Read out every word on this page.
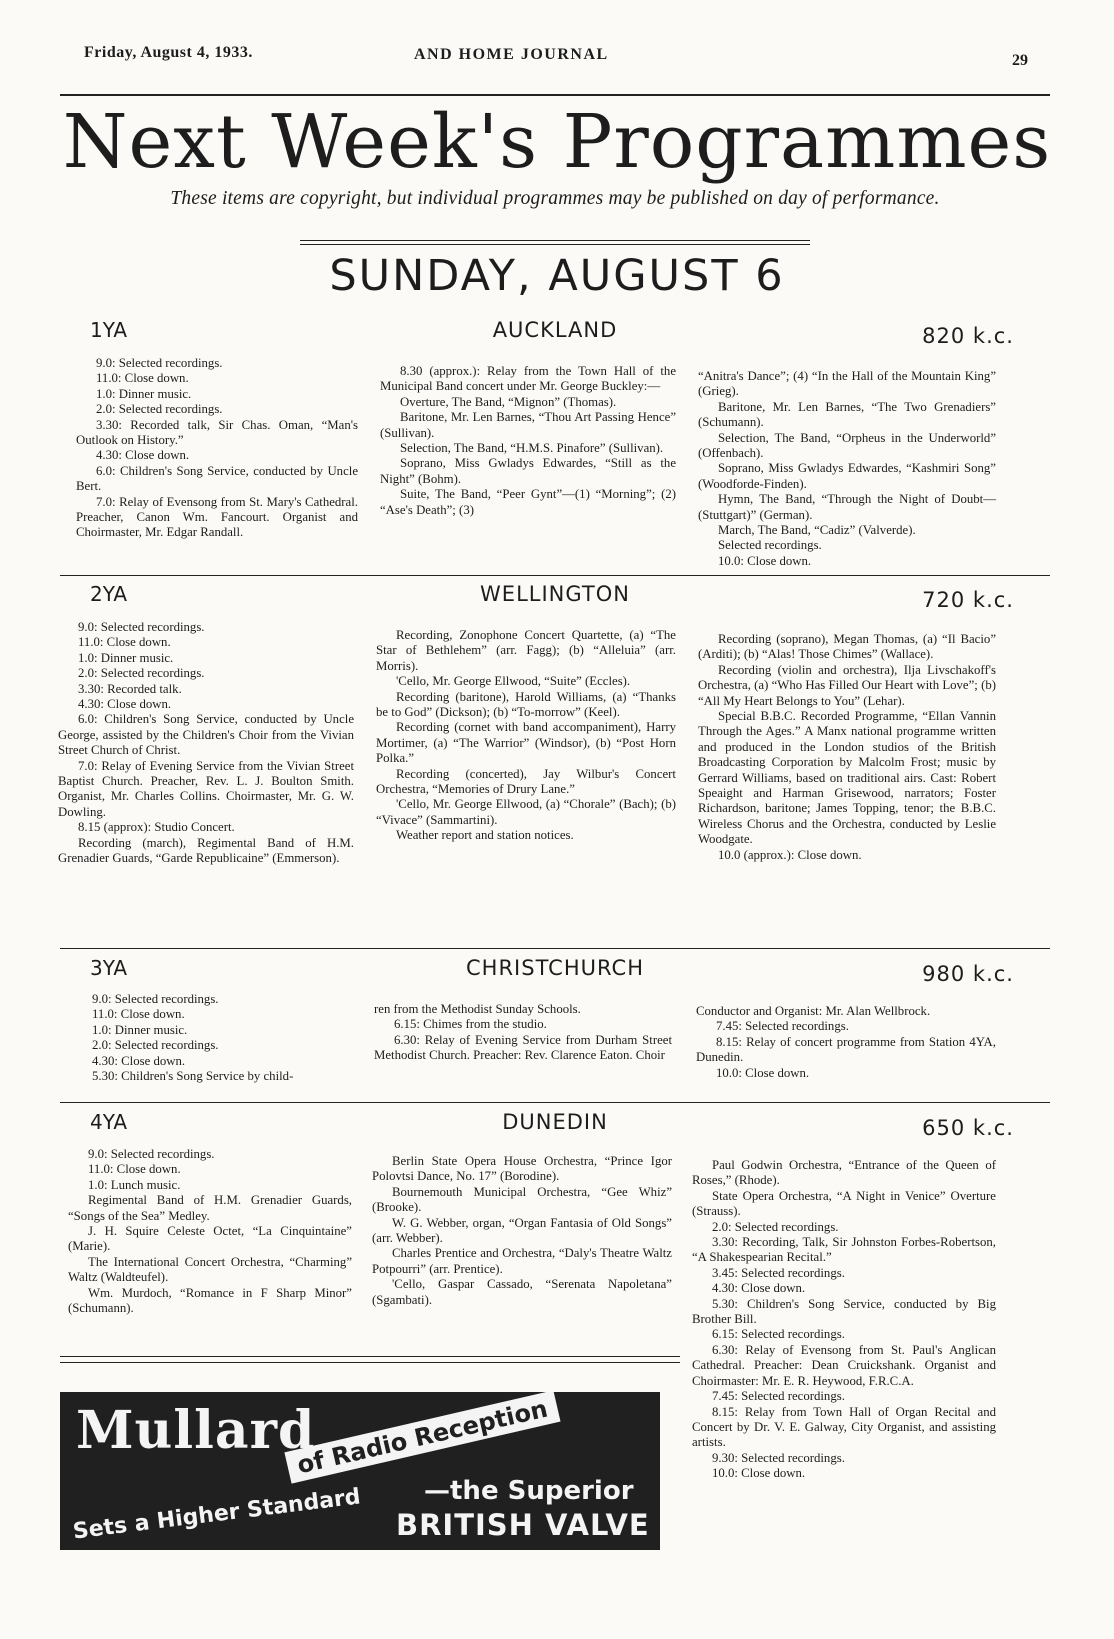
Friday, August 4, 1933.	AND HOME JOURNAL	29
Next Week's Programmes
These items are copyright, but individual programmes may be published on day of performance.
SUNDAY, AUGUST 6
1YA	AUCKLAND	820 k.c.

9.0: Selected recordings.

11.0: Close down.

1.0: Dinner music.

2.0: Selected recordings.

3.30: Recorded talk, Sir Chas. Oman, “Man's Outlook on History.”

4.30: Close down.

6.0: Children's Song Service, conducted by Uncle Bert.

7.0: Relay of Evensong from St. Mary's Cathedral. Preacher, Canon Wm. Fancourt. Organist and Choirmaster, Mr. Edgar Randall.

8.30 (approx.): Relay from the Town Hall of the Municipal Band concert under Mr. George Buckley:—

Overture, The Band, “Mignon” (Thomas).

Baritone, Mr. Len Barnes, “Thou Art Passing Hence” (Sullivan).

Selection, The Band, “H.M.S. Pinafore” (Sullivan).

Soprano, Miss Gwladys Edwardes, “Still as the Night” (Bohm).

Suite, The Band, “Peer Gynt”—(1) “Morning”; (2) “Ase's Death”; (3)

“Anitra's Dance”; (4) “In the Hall of the Mountain King” (Grieg).

Baritone, Mr. Len Barnes, “The Two Grenadiers” (Schumann).

Selection, The Band, “Orpheus in the Underworld” (Offenbach).

Soprano, Miss Gwladys Edwardes, “Kashmiri Song” (Woodforde-Finden).

Hymn, The Band, “Through the Night of Doubt—(Stuttgart)” (German).

March, The Band, “Cadiz” (Valverde).

Selected recordings.

10.0: Close down.

2YA	WELLINGTON	720 k.c.

9.0: Selected recordings.

11.0: Close down.

1.0: Dinner music.

2.0: Selected recordings.

3.30: Recorded talk.

4.30: Close down.

6.0: Children's Song Service, conducted by Uncle George, assisted by the Children's Choir from the Vivian Street Church of Christ.

7.0: Relay of Evening Service from the Vivian Street Baptist Church. Preacher, Rev. L. J. Boulton Smith. Organist, Mr. Charles Collins. Choirmaster, Mr. G. W. Dowling.

8.15 (approx): Studio Concert.

Recording (march), Regimental Band of H.M. Grenadier Guards, “Garde Republicaine” (Emmerson).

Recording, Zonophone Concert Quartette, (a) “The Star of Bethlehem” (arr. Fagg); (b) “Alleluia” (arr. Morris).

'Cello, Mr. George Ellwood, “Suite” (Eccles).

Recording (baritone), Harold Williams, (a) “Thanks be to God” (Dickson); (b) “To-morrow” (Keel).

Recording (cornet with band accompaniment), Harry Mortimer, (a) “The Warrior” (Windsor), (b) “Post Horn Polka.”

Recording (concerted), Jay Wilbur's Concert Orchestra, “Memories of Drury Lane.”

'Cello, Mr. George Ellwood, (a) “Chorale” (Bach); (b) “Vivace” (Sammartini).

Weather report and station notices.

Recording (soprano), Megan Thomas, (a) “Il Bacio” (Arditi); (b) “Alas! Those Chimes” (Wallace).

Recording (violin and orchestra), Ilja Livschakoff's Orchestra, (a) “Who Has Filled Our Heart with Love”; (b) “All My Heart Belongs to You” (Lehar).

Special B.B.C. Recorded Programme, “Ellan Vannin Through the Ages.” A Manx national programme written and produced in the London studios of the British Broadcasting Corporation by Malcolm Frost; music by Gerrard Williams, based on traditional airs. Cast: Robert Speaight and Harman Grisewood, narrators; Foster Richardson, baritone; James Topping, tenor; the B.B.C. Wireless Chorus and the Orchestra, conducted by Leslie Woodgate.

10.0 (approx.): Close down.

3YA	CHRISTCHURCH	980 k.c.

9.0: Selected recordings.

11.0: Close down.

1.0: Dinner music.

2.0: Selected recordings.

4.30: Close down.

5.30: Children's Song Service by child-

ren from the Methodist Sunday Schools.

6.15: Chimes from the studio.

6.30: Relay of Evening Service from Durham Street Methodist Church. Preacher: Rev. Clarence Eaton. Choir

Conductor and Organist: Mr. Alan Wellbrock.

7.45: Selected recordings.

8.15: Relay of concert programme from Station 4YA, Dunedin.

10.0: Close down.

4YA	DUNEDIN	650 k.c.

9.0: Selected recordings.

11.0: Close down.

1.0: Lunch music.

Regimental Band of H.M. Grenadier Guards, “Songs of the Sea” Medley.

J. H. Squire Celeste Octet, “La Cinquintaine” (Marie).

The International Concert Orchestra, “Charming” Waltz (Waldteufel).

Wm. Murdoch, “Romance in F Sharp Minor” (Schumann).

Berlin State Opera House Orchestra, “Prince Igor Polovtsi Dance, No. 17” (Borodine).

Bournemouth Municipal Orchestra, “Gee Whiz” (Brooke).

W. G. Webber, organ, “Organ Fantasia of Old Songs” (arr. Webber).

Charles Prentice and Orchestra, “Daly's Theatre Waltz Potpourri” (arr. Prentice).

'Cello, Gaspar Cassado, “Serenata Napoletana” (Sgambati).

Paul Godwin Orchestra, “Entrance of the Queen of Roses,” (Rhode).

State Opera Orchestra, “A Night in Venice” Overture (Strauss).

2.0: Selected recordings.

3.30: Recording, Talk, Sir Johnston Forbes-Robertson, “A Shakespearian Recital.”

3.45: Selected recordings.

4.30: Close down.

5.30: Children's Song Service, conducted by Big Brother Bill.

6.15: Selected recordings.

6.30: Relay of Evensong from St. Paul's Anglican Cathedral. Preacher: Dean Cruickshank. Organist and Choirmaster: Mr. E. R. Heywood, F.R.C.A.

7.45: Selected recordings.

8.15: Relay from Town Hall of Organ Recital and Concert by Dr. V. E. Galway, City Organist, and assisting artists.

9.30: Selected recordings.

10.0: Close down.

Mullard
of Radio Reception
Sets a Higher Standard —the Superior
BRITISH VALVE
